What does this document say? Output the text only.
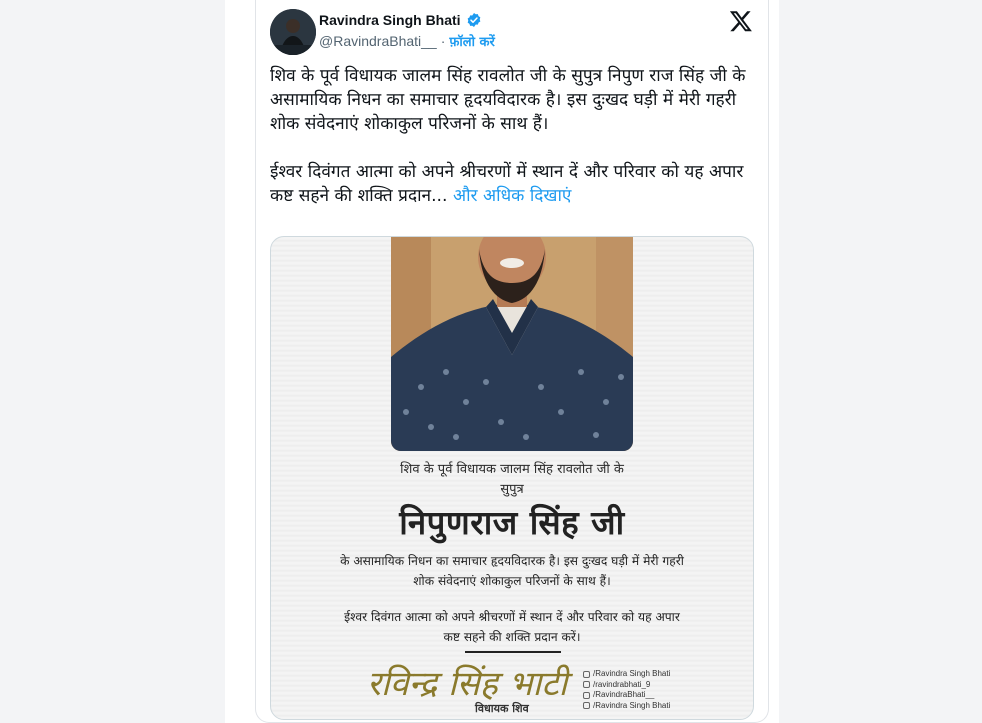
Ravindra Singh Bhati
@RavindraBhati__ · फ़ॉलो करें

शिव के पूर्व विधायक जालम सिंह रावलोत जी के सुपुत्र निपुण राज सिंह जी के असामायिक निधन का समाचार हृदयविदारक है। इस दुःखद घड़ी में मेरी गहरी शोक संवेदनाएं शोकाकुल परिजनों के साथ हैं।

ईश्वर दिवंगत आत्मा को अपने श्रीचरणों में स्थान दें और परिवार को यह अपार कष्ट सहने की शक्ति प्रदान... और अधिक दिखाएं

शिव के पूर्व विधायक जालम सिंह रावलोत जी के
सुपुत्र
निपुणराज सिंह जी
के असामायिक निधन का समाचार हृदयविदारक है। इस दुःखद घड़ी में मेरी गहरी
शोक संवेदनाएं शोकाकुल परिजनों के साथ हैं।
ईश्वर दिवंगत आत्मा को अपने श्रीचरणों में स्थान दें और परिवार को यह अपार
कष्ट सहने की शक्ति प्रदान करें।
रविन्द्र सिंह भाटी
विधायक शिव
/Ravindra Singh Bhati
/ravindrabhati_9
/RavindraBhati__
/Ravindra Singh Bhati
